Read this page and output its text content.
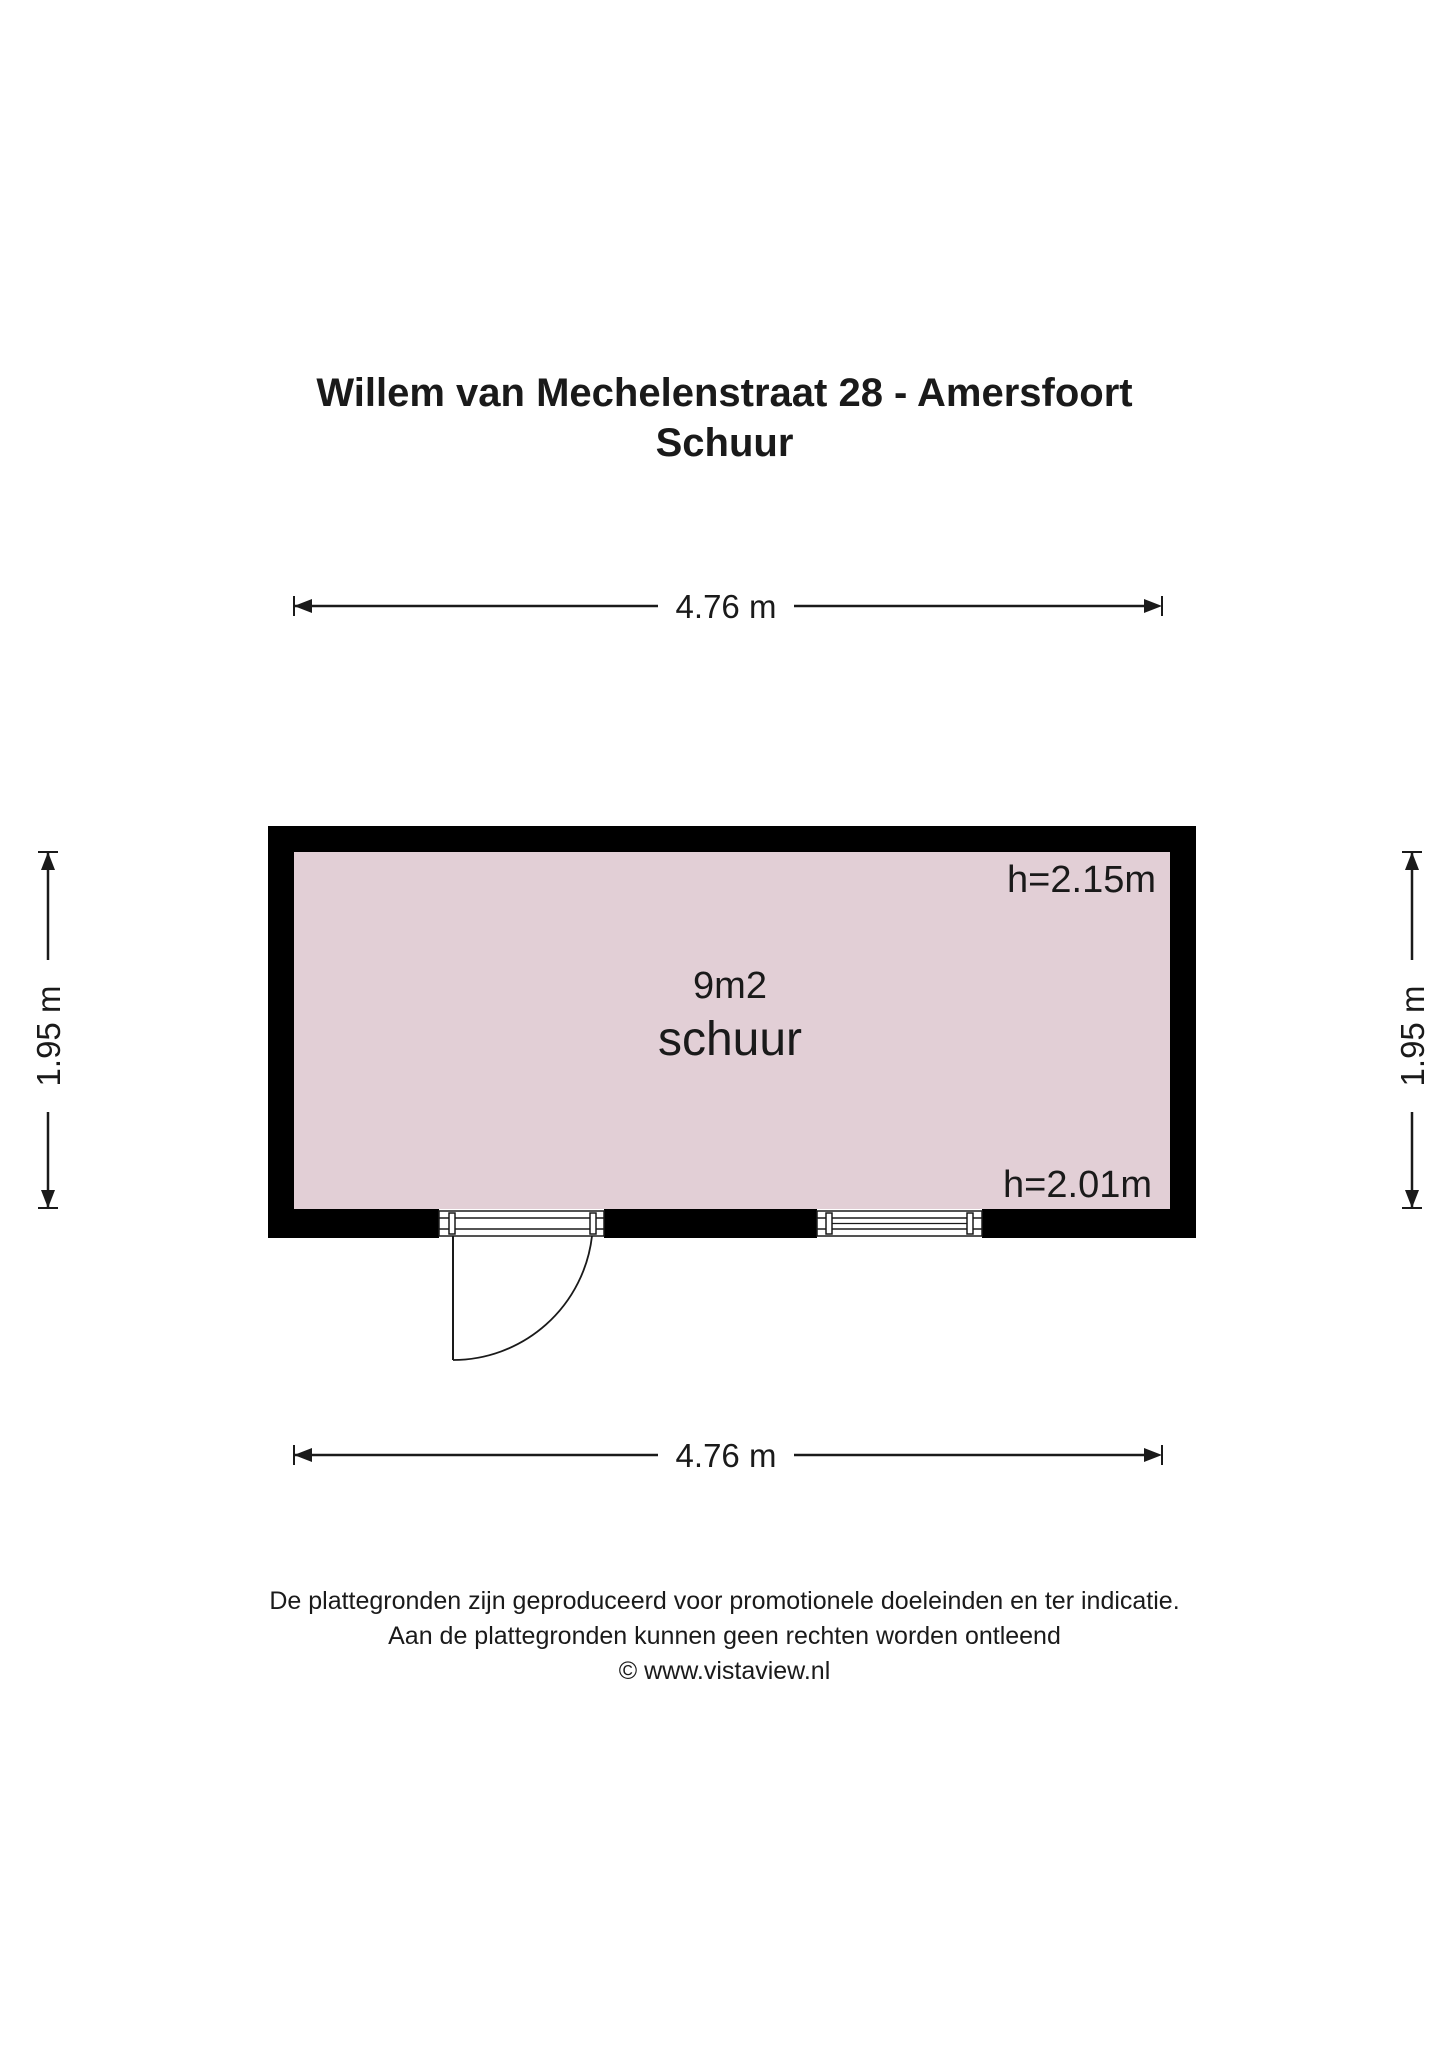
Willem van Mechelenstraat 28 - Amersfoort
Schuur
4.76 m
4.76 m
1.95 m	1.95 m
9m2
schuur
h=2.15m
h=2.01m
De plattegronden zijn geproduceerd voor promotionele doeleinden en ter indicatie.
Aan de plattegronden kunnen geen rechten worden ontleend
© www.vistaview.nl
